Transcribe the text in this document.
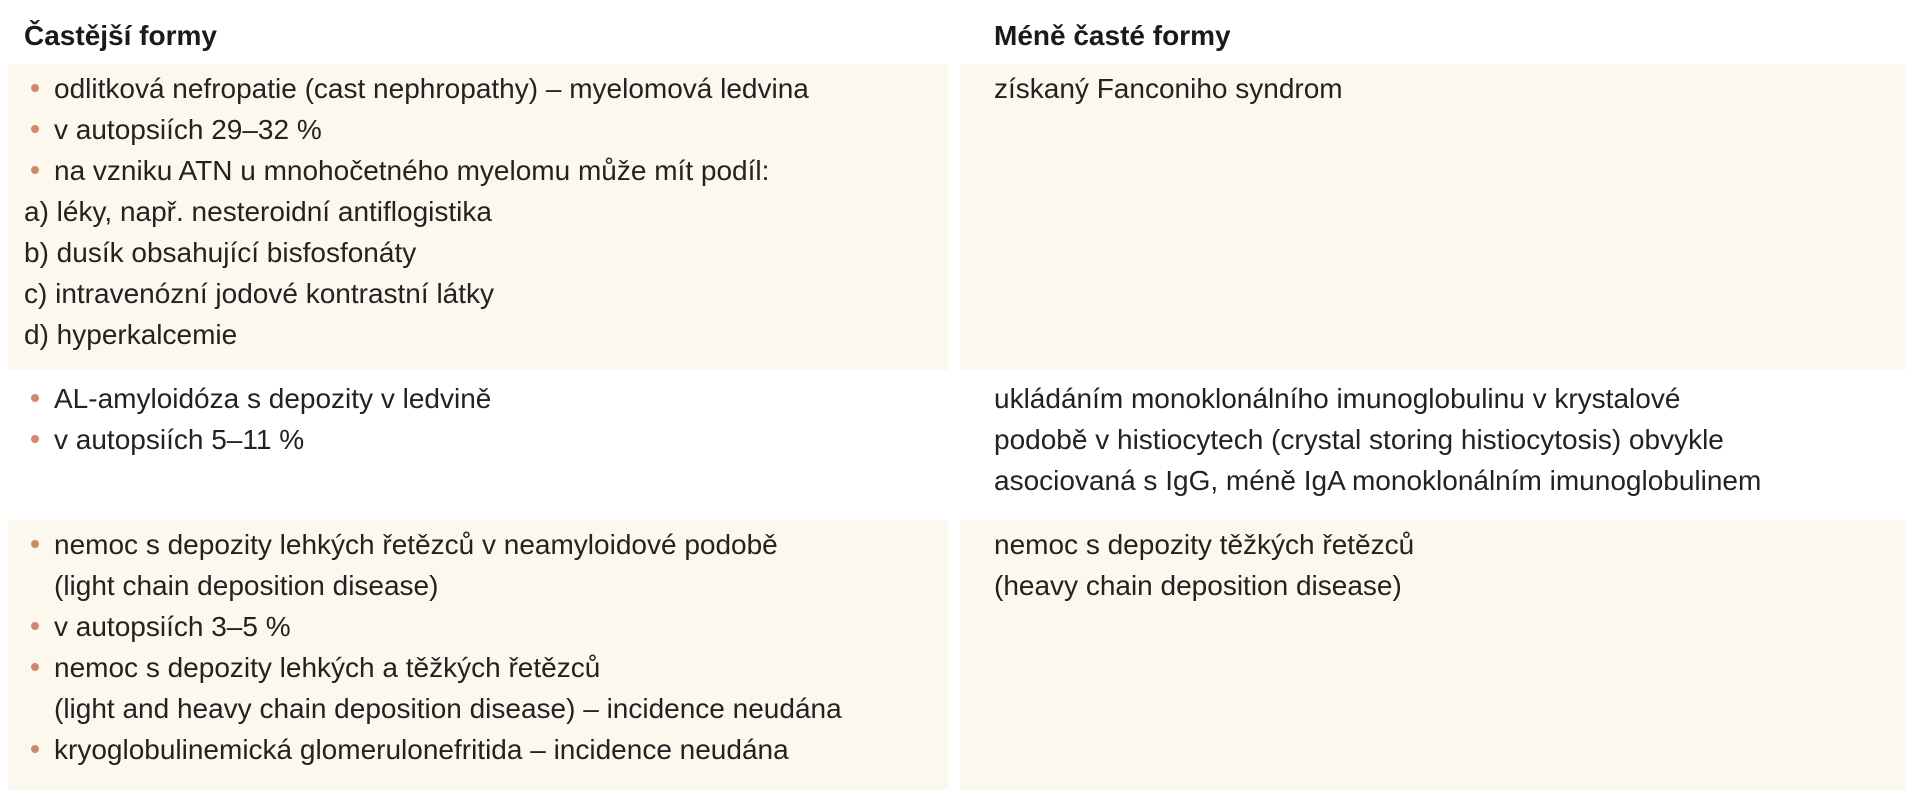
Častější formy	Méně časté formy
odlitková nefropatie (cast nephropathy) – myelomová ledvina
v autopsiích 29–32 %
na vzniku ATN u mnohočetného myelomu může mít podíl:
a) léky, např. nesteroidní antiflogistika
b) dusík obsahující bisfosfonáty
c) intravenózní jodové kontrastní látky
d) hyperkalcemie
získaný Fanconiho syndrom
AL-amyloidóza s depozity v ledvině
v autopsiích 5–11 %
ukládáním monoklonálního imunoglobulinu v krystalové
podobě v histiocytech (crystal storing histiocytosis) obvykle
asociovaná s IgG, méně IgA monoklonálním imunoglobulinem
nemoc s depozity lehkých řetězců v neamyloidové podobě
(light chain deposition disease)
v autopsiích 3–5 %
nemoc s depozity lehkých a těžkých řetězců
(light and heavy chain deposition disease) – incidence neudána
kryoglobulinemická glomerulonefritida – incidence neudána
nemoc s depozity těžkých řetězců
(heavy chain deposition disease)
